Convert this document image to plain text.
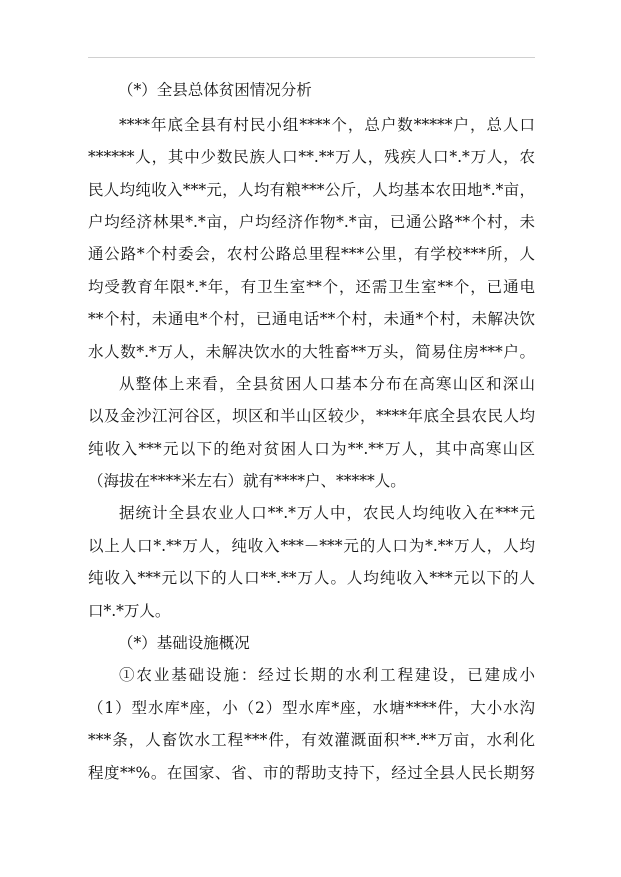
（*）全县总体贫困情况分析
****年底全县有村民小组****个，总户数*****户，总人口
******人，其中少数民族人口**.**万人，残疾人口*.*万人，农
民人均纯收入***元，人均有粮***公斤，人均基本农田地*.*亩，
户均经济林果*.*亩，户均经济作物*.*亩，已通公路**个村，未
通公路*个村委会，农村公路总里程***公里，有学校***所，人
均受教育年限*.*年，有卫生室**个，还需卫生室**个，已通电
**个村，未通电*个村，已通电话**个村，未通*个村，未解决饮
水人数*.*万人，未解决饮水的大牲畜**万头，简易住房***户。
从整体上来看，全县贫困人口基本分布在高寒山区和深山
以及金沙江河谷区，坝区和半山区较少，****年底全县农民人均
纯收入***元以下的绝对贫困人口为**.**万人，其中高寒山区
（海拔在****米左右）就有****户、*****人。
据统计全县农业人口**.*万人中，农民人均纯收入在***元
以上人口*.**万人，纯收入***－***元的人口为*.**万人，人均
纯收入***元以下的人口**.**万人。人均纯收入***元以下的人
口*.*万人。
（*）基础设施概况
①农业基础设施：经过长期的水利工程建设，已建成小
（1）型水库*座，小（2）型水库*座，水塘****件，大小水沟
***条，人畜饮水工程***件，有效灌溉面积**.**万亩，水利化
程度**%。在国家、省、市的帮助支持下，经过全县人民长期努
